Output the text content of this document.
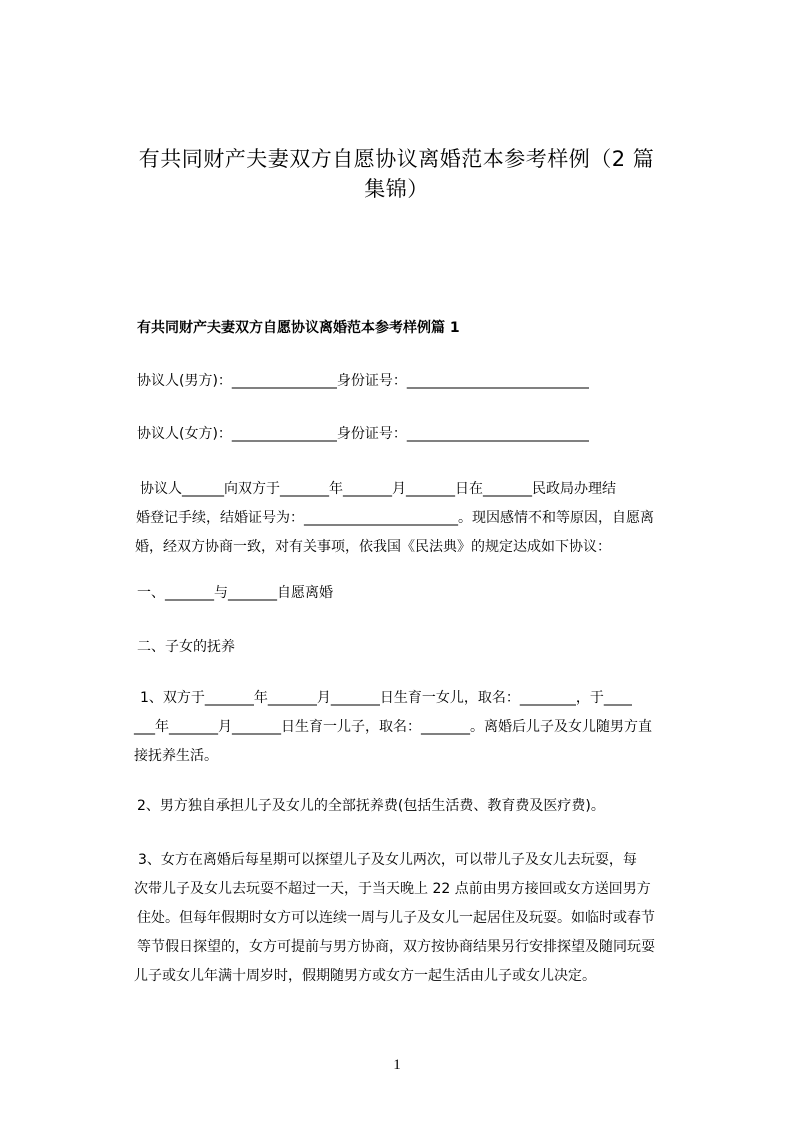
有共同财产夫妻双方自愿协议离婚范本参考样例（2 篇
集锦）
有共同财产夫妻双方自愿协议离婚范本参考样例篇 1
协议人(男方)：_______________身份证号：__________________________
协议人(女方)：_______________身份证号：__________________________

协议人______向双方于_______年_______月_______日在_______民政局办理结

婚登记手续，结婚证号为：______________________。现因感情不和等原因，自愿离

婚，经双方协商一致，对有关事项，依我国《民法典》的规定达成如下协议：

一、_______与_______自愿离婚
二、子女的抚养

1、双方于_______年_______月_______日生育一女儿，取名：________，于____

___年_______月_______日生育一儿子，取名：_______。离婚后儿子及女儿随男方直

接抚养生活。

2、男方独自承担儿子及女儿的全部抚养费(包括生活费、教育费及医疗费)。

3、女方在离婚后每星期可以探望儿子及女儿两次，可以带儿子及女儿去玩耍，每

次带儿子及女儿去玩耍不超过一天，于当天晚上 22 点前由男方接回或女方送回男方

住处。但每年假期时女方可以连续一周与儿子及女儿一起居住及玩耍。如临时或春节

等节假日探望的，女方可提前与男方协商，双方按协商结果另行安排探望及随同玩耍

儿子或女儿年满十周岁时，假期随男方或女方一起生活由儿子或女儿决定。

1
